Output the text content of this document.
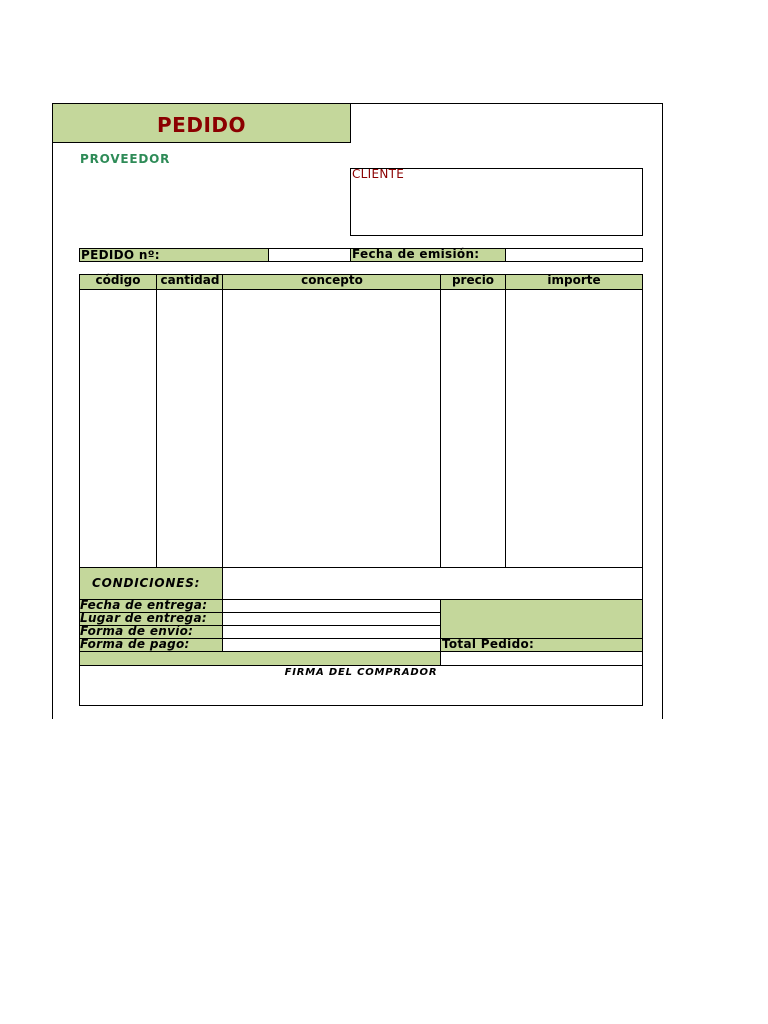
PEDIDO
PROVEEDOR
CLIENTE
PEDIDO nº:	Fecha de emisión:
código	cantidad	concepto	precio	importe
CONDICIONES:
Fecha de entrega:
Lugar de entrega:
Forma de envío:
Forma de pago:	Total Pedido:
FIRMA DEL COMPRADOR
